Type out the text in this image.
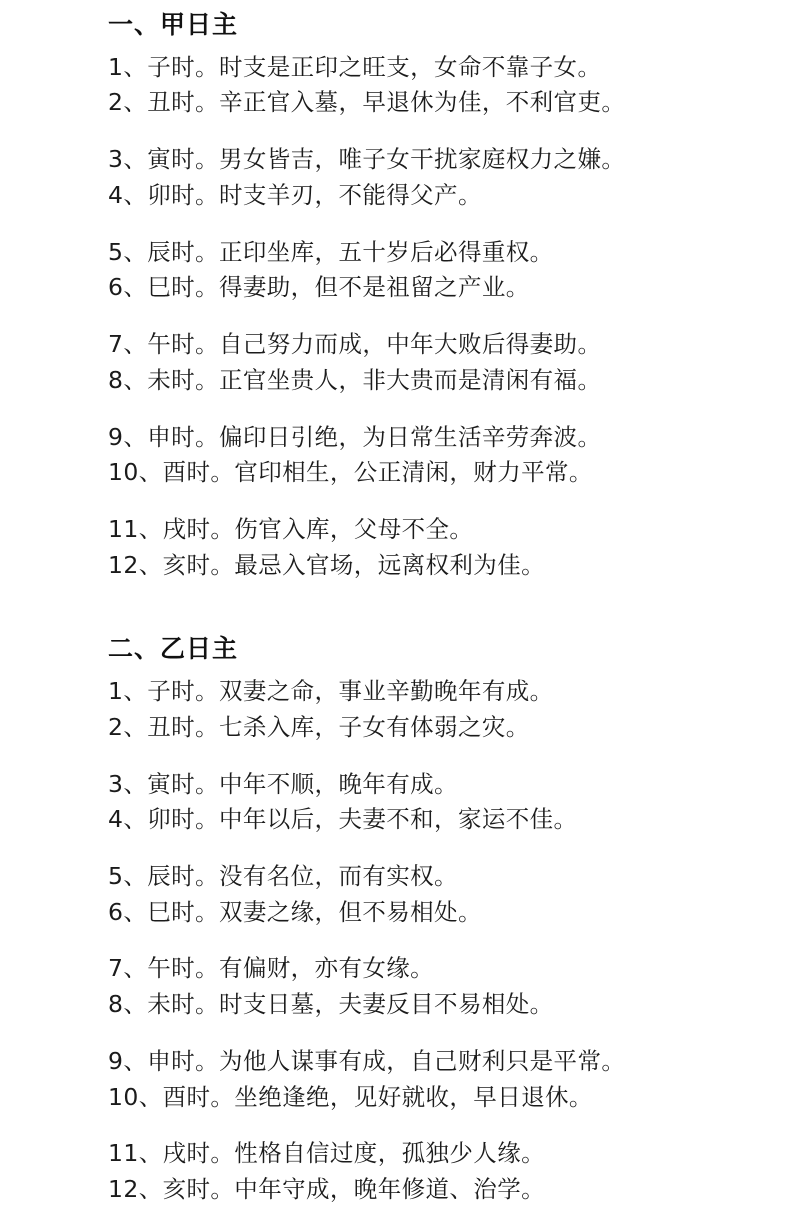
一、甲日主
1、子时。时支是正印之旺支，女命不靠子女。
2、丑时。辛正官入墓，早退休为佳，不利官吏。
3、寅时。男女皆吉，唯子女干扰家庭权力之嫌。
4、卯时。时支羊刃，不能得父产。
5、辰时。正印坐库，五十岁后必得重权。
6、巳时。得妻助，但不是祖留之产业。
7、午时。自己努力而成，中年大败后得妻助。
8、未时。正官坐贵人，非大贵而是清闲有福。
9、申时。偏印日引绝，为日常生活辛劳奔波。
10、酉时。官印相生，公正清闲，财力平常。
11、戌时。伤官入库，父母不全。
12、亥时。最忌入官场，远离权利为佳。
二、乙日主
1、子时。双妻之命，事业辛勤晚年有成。
2、丑时。七杀入库，子女有体弱之灾。
3、寅时。中年不顺，晚年有成。
4、卯时。中年以后，夫妻不和，家运不佳。
5、辰时。没有名位，而有实权。
6、巳时。双妻之缘，但不易相处。
7、午时。有偏财，亦有女缘。
8、未时。时支日墓，夫妻反目不易相处。
9、申时。为他人谋事有成，自己财利只是平常。
10、酉时。坐绝逢绝，见好就收，早日退休。
11、戌时。性格自信过度，孤独少人缘。
12、亥时。中年守成，晚年修道、治学。
